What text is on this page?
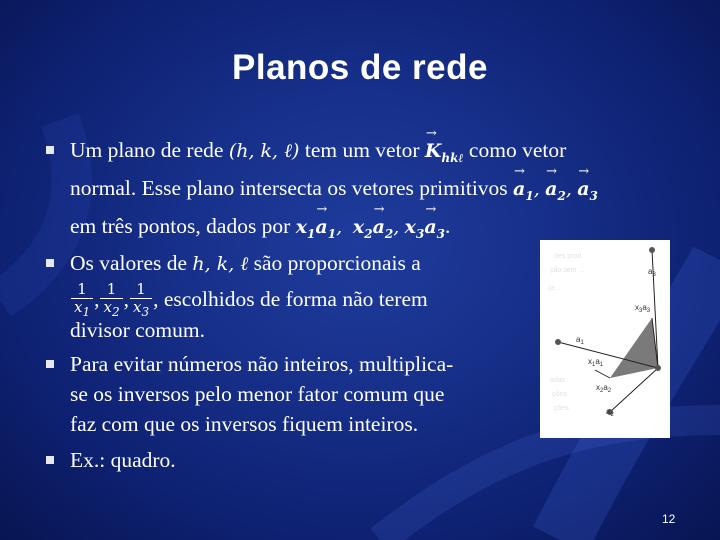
Planos de rede
Um plano de rede (h, k, ℓ) tem um vetor → $K_{hk\ell}$ como vetor
normal. Esse plano intersecta os vetores primitivos → $a_1$, → $a_2$, → $a_3$
em três pontos, dados por $x_1\to a_1$, $x_2\to a_2$, $x_3\to a_3$.
Os valores de h, k, ℓ são proporcionais a
$\frac{1}{x_1}$ , $\frac{1}{x_2}$ , $\frac{1}{x_3}$ , escolhidos de forma não terem
divisor comum.
Para evitar números não inteiros, multiplica-
se os inversos pelo menor fator comum que
faz com que os inversos fiquem inteiros.
Ex.: quadro.
ões prod.
ção sem ...
(a ...
adas
ções
ções
$a_3$
$x_3a_3$
$a_1$
$x_1a_1$
$x_2a_2$
$a_2$
12
